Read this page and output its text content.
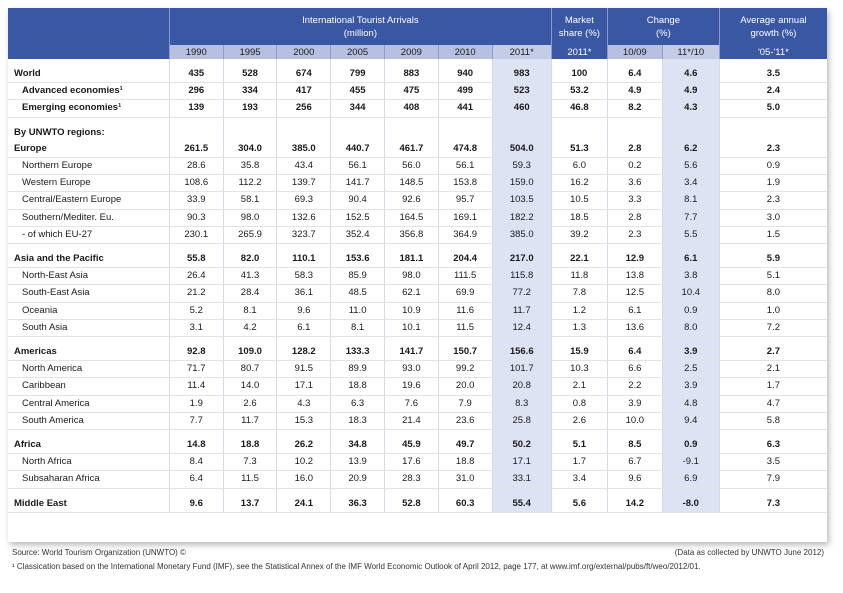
	International Tourist Arrivals
(million)							Market
share (%)	Change
(%)		Average annual
growth (%)

	1990	1995	2000	2005	2009	2010	2011*	2011*	10/09	11*/10	'05-'11*

World	435	528	674	799	883	940	983	100	6.4	4.6	3.5
Advanced economies¹	296	334	417	455	475	499	523	53.2	4.9	4.9	2.4
Emerging economies¹	139	193	256	344	408	441	460	46.8	8.2	4.3	5.0

By UNWTO regions:											
Europe	261.5	304.0	385.0	440.7	461.7	474.8	504.0	51.3	2.8	6.2	2.3
Northern Europe	28.6	35.8	43.4	56.1	56.0	56.1	59.3	6.0	0.2	5.6	0.9
Western Europe	108.6	112.2	139.7	141.7	148.5	153.8	159.0	16.2	3.6	3.4	1.9
Central/Eastern Europe	33.9	58.1	69.3	90.4	92.6	95.7	103.5	10.5	3.3	8.1	2.3
Southern/Mediter. Eu.	90.3	98.0	132.6	152.5	164.5	169.1	182.2	18.5	2.8	7.7	3.0
- of which EU-27	230.1	265.9	323.7	352.4	356.8	364.9	385.0	39.2	2.3	5.5	1.5

Asia and the Pacific	55.8	82.0	110.1	153.6	181.1	204.4	217.0	22.1	12.9	6.1	5.9
North-East Asia	26.4	41.3	58.3	85.9	98.0	111.5	115.8	11.8	13.8	3.8	5.1
South-East Asia	21.2	28.4	36.1	48.5	62.1	69.9	77.2	7.8	12.5	10.4	8.0
Oceania	5.2	8.1	9.6	11.0	10.9	11.6	11.7	1.2	6.1	0.9	1.0
South Asia	3.1	4.2	6.1	8.1	10.1	11.5	12.4	1.3	13.6	8.0	7.2

Americas	92.8	109.0	128.2	133.3	141.7	150.7	156.6	15.9	6.4	3.9	2.7
North America	71.7	80.7	91.5	89.9	93.0	99.2	101.7	10.3	6.6	2.5	2.1
Caribbean	11.4	14.0	17.1	18.8	19.6	20.0	20.8	2.1	2.2	3.9	1.7
Central America	1.9	2.6	4.3	6.3	7.6	7.9	8.3	0.8	3.9	4.8	4.7
South America	7.7	11.7	15.3	18.3	21.4	23.6	25.8	2.6	10.0	9.4	5.8

Africa	14.8	18.8	26.2	34.8	45.9	49.7	50.2	5.1	8.5	0.9	6.3
North Africa	8.4	7.3	10.2	13.9	17.6	18.8	17.1	1.7	6.7	-9.1	3.5
Subsaharan Africa	6.4	11.5	16.0	20.9	28.3	31.0	33.1	3.4	9.6	6.9	7.9

Middle East	9.6	13.7	24.1	36.3	52.8	60.3	55.4	5.6	14.2	-8.0	7.3
Source: World Tourism Organization (UNWTO) ©	(Data as collected by UNWTO June 2012)
¹ Classication based on the International Monetary Fund (IMF), see the Statistical Annex of the IMF World Economic Outlook of April 2012, page 177, at www.imf.org/external/pubs/ft/weo/2012/01.
